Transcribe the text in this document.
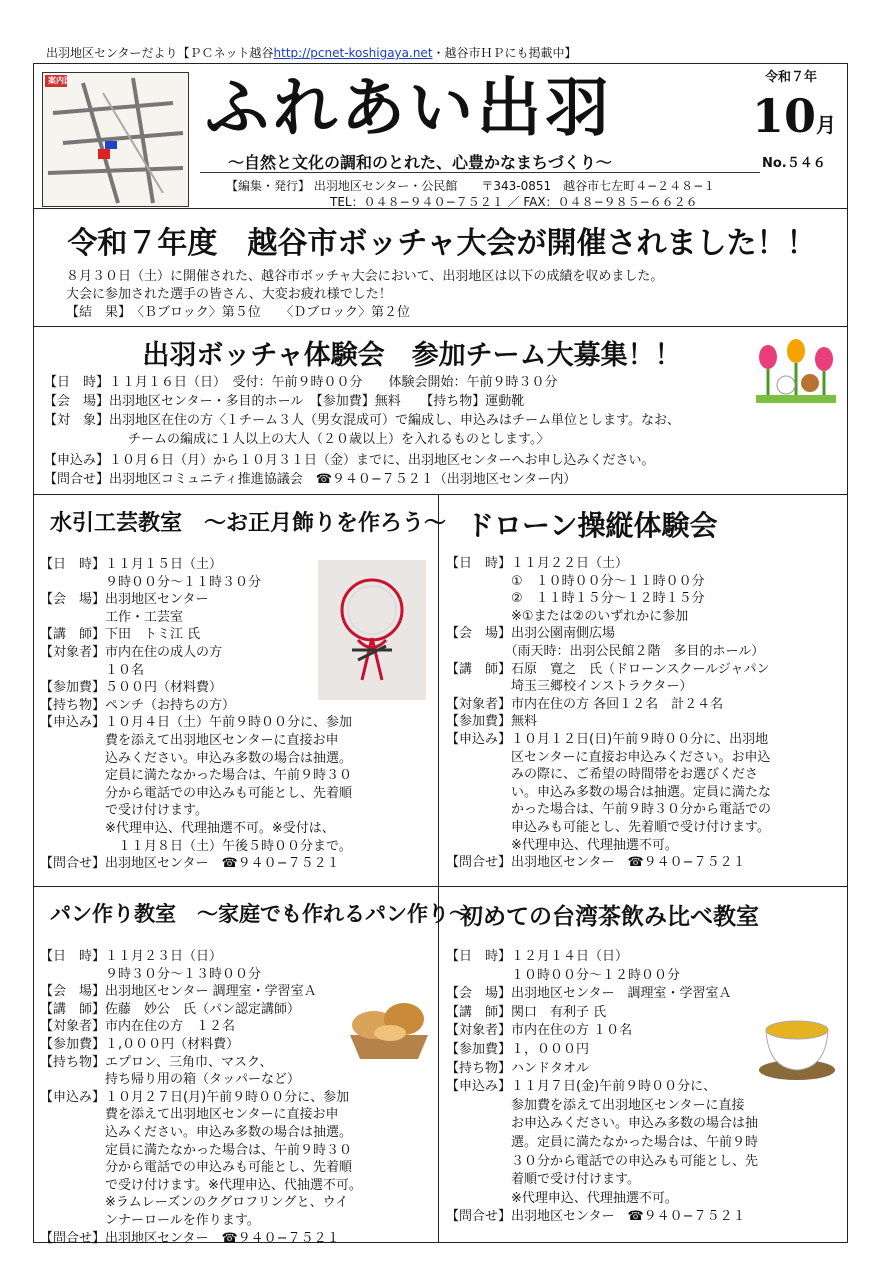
出羽地区センターだより【ＰＣネット越谷http://pcnet-koshigaya.net・越谷市ＨＰにも掲載中】
案内図 ふれあい出羽	令和７年
10月
No.５４６
〜自然と文化の調和のとれた、心豊かなまちづくり〜
【編集・発行】 出羽地区センター・公民館　　〒343-0851　越谷市七左町４−２４８−１
TEL：０４８−９４０−７５２１ ／ FAX：０４８−９８５−６６２６
令和７年度　越谷市ボッチャ大会が開催されました！！
８月３０日（土）に開催された、越谷市ボッチャ大会において、出羽地区は以下の成績を収めました。
大会に参加された選手の皆さん、大変お疲れ様でした！
【結　果】　〈Ｂブロック〉第５位　　〈Ｄブロック〉第２位
出羽ボッチャ体験会　参加チーム大募集！！
【日　時】１１月１６日（日）　受付：午前９時００分　　体験会開始：午前９時３０分
【会　場】出羽地区センター・多目的ホール　【参加費】無料　　【持ち物】運動靴
【対　象】出羽地区在住の方〈１チーム３人（男女混成可）で編成し、申込みはチーム単位とします。なお、
チームの編成に１人以上の大人（２０歳以上）を入れるものとします。〉
【申込み】１０月６日（月）から１０月３１日（金）までに、出羽地区センターへお申し込みください。
【問合せ】出羽地区コミュニティ推進協議会　☎９４０−７５２１（出羽地区センター内）
水引工芸教室　〜お正月飾りを作ろう〜
【日　時】１１月１５日（土）
　　　　　９時００分〜１１時３０分
【会　場】出羽地区センター
　　　　　工作・工芸室
【講　師】下田　トミ江 氏
【対象者】市内在住の成人の方
　　　　　１０名
【参加費】５００円（材料費）
【持ち物】ペンチ（お持ちの方）
【申込み】１０月４日（土）午前９時００分に、参加
　　　　　費を添えて出羽地区センターに直接お申
　　　　　込みください。申込み多数の場合は抽選。
　　　　　定員に満たなかった場合は、午前９時３０
　　　　　分から電話での申込みも可能とし、先着順
　　　　　で受け付けます。
　　　　　※代理申込、代理抽選不可。※受付は、
　　　　　　１１月８日（土）午後５時００分まで。
【問合せ】出羽地区センター　☎９４０−７５２１
ドローン操縦体験会
【日　時】１１月２２日（土）
　　　　　①　１０時００分〜１１時００分
　　　　　②　１１時１５分〜１２時１５分
　　　　　※①または②のいずれかに参加
【会　場】出羽公園南側広場
　　　　　（雨天時：出羽公民館２階　多目的ホール）
【講　師】石原　寛之　氏（ドローンスクールジャパン
　　　　　埼玉三郷校インストラクター）
【対象者】市内在住の方 各回１２名　計２４名
【参加費】無料
【申込み】１０月１２日(日)午前９時００分に、出羽地
　　　　　区センターに直接お申込みください。お申込
　　　　　みの際に、ご希望の時間帯をお選びくださ
　　　　　い。申込み多数の場合は抽選。定員に満たな
　　　　　かった場合は、午前９時３０分から電話での
　　　　　申込みも可能とし、先着順で受け付けます。
　　　　　※代理申込、代理抽選不可。
【問合せ】出羽地区センター　☎９４０−７５２１
パン作り教室　〜家庭でも作れるパン作り〜
【日　時】１１月２３日（日）
　　　　　９時３０分〜１３時００分
【会　場】出羽地区センター 調理室・学習室Ａ
【講　師】佐藤　妙公　氏（パン認定講師）
【対象者】市内在住の方　１２名
【参加費】１,０００円（材料費）
【持ち物】エプロン、三角巾、マスク、
　　　　　持ち帰り用の箱（タッパーなど）
【申込み】１０月２７日(月)午前９時００分に、参加
　　　　　費を添えて出羽地区センターに直接お申
　　　　　込みください。申込み多数の場合は抽選。
　　　　　定員に満たなかった場合は、午前９時３０
　　　　　分から電話での申込みも可能とし、先着順
　　　　　で受け付けます。※代理申込、代抽選不可。
　　　　　※ラムレーズンのクグロフリングと、ウイ
　　　　　ンナーロールを作ります。
【問合せ】出羽地区センター　☎９４０−７５２１
初めての台湾茶飲み比べ教室
【日　時】１２月１４日（日）
　　　　　１０時００分〜１２時００分
【会　場】出羽地区センター　調理室・学習室Ａ
【講　師】関口　有利子 氏
【対象者】市内在住の方 １０名
【参加費】１，０００円
【持ち物】ハンドタオル
【申込み】１１月７日(金)午前９時００分に、
　　　　　参加費を添えて出羽地区センターに直接
　　　　　お申込みください。申込み多数の場合は抽
　　　　　選。定員に満たなかった場合は、午前９時
　　　　　３０分から電話での申込みも可能とし、先
　　　　　着順で受け付けます。
　　　　　※代理申込、代理抽選不可。
【問合せ】出羽地区センター　☎９４０−７５２１
